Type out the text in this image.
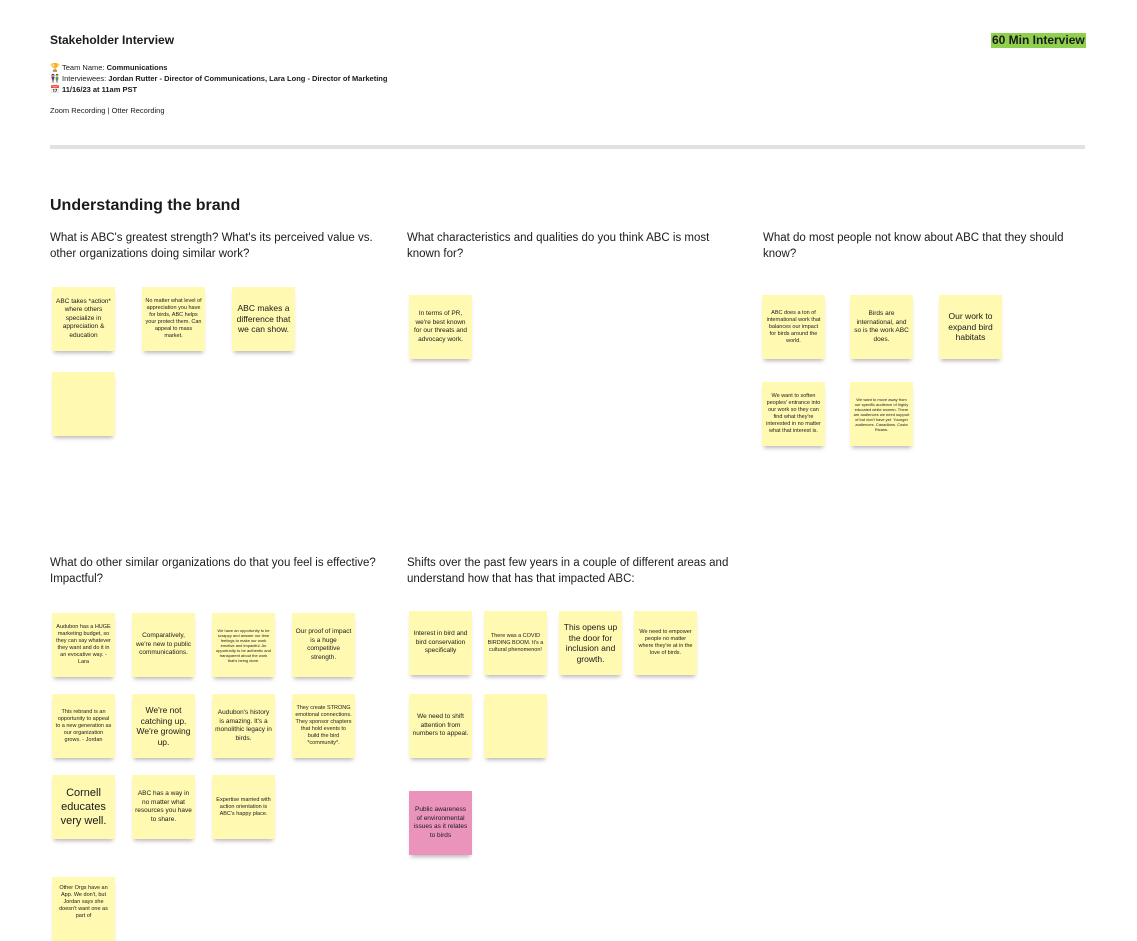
Stakeholder Interview	60 Min Interview
🏆 Team Name: Communications
👫 Interviewees: Jordan Rutter - Director of Communications, Lara Long - Director of Marketing
📅 11/16/23 at 11am PST
Zoom Recording | Otter Recording
Understanding the brand
What is ABC's greatest strength? What's its perceived value vs. other organizations doing similar work?
What characteristics and qualities do you think ABC is most known for?
What do most people not know about ABC that they should know?
What do other similar organizations do that you feel is effective? Impactful?
Shifts over the past few years in a couple of different areas and understand how that has that impacted ABC:
ABC takes *action* where others specialize in appreciation & education
No matter what level of appreciation you have for birds, ABC helps your protect them. Can appeal to mass market.
ABC makes a difference that we can show.
In terms of PR, we're best known for our threats and advocacy work.
ABC does a ton of international work that balances our impact for birds around the world.
Birds are international, and so is the work ABC does.
Our work to expand bird habitats
We want to soften peoples' entrance into our work so they can find what they're interested in no matter what that interest is.
We want to move away from our specific audience of highly educated white women. There are audiences we need support of but don't have yet. Younger audiences. Canadians. Costa Ricans.
Audubon has a HUGE marketing budget, so they can say whatever they want and do it in an evocative way. - Lara
Comparatively, we're new to public communications.
We have an opportunity to be scrappy and answer our time feelings to make our work emotive and impactful. An opportunity to be authentic and transparent about the work that's being done.
Our proof of impact is a huge competitive strength.
This rebrand is an opportunity to appeal to a new generation as our organization grows. - Jordan
We're not catching up. We're growing up.
Audubon's history is amazing. It's a monolithic legacy in birds.
They create STRONG emotional connections. They sponsor chapters that hold events to build the bird *community*.
Cornell educates very well.
ABC has a way in no matter what resources you have to share.
Expertise married with action orientation is ABC's happy place.
Other Orgs have an App. We don't, but Jordan says she doesn't want one as part of
Interest in bird and bird conservation specifically
There was a COVID BIRDING BOOM. It's a cultural phenomenon!
This opens up the door for inclusion and growth.
We need to empower people no matter where they're at in the love of birds.
We need to shift attention from numbers to appeal.
Public awareness of environmental issues as it relates to birds
